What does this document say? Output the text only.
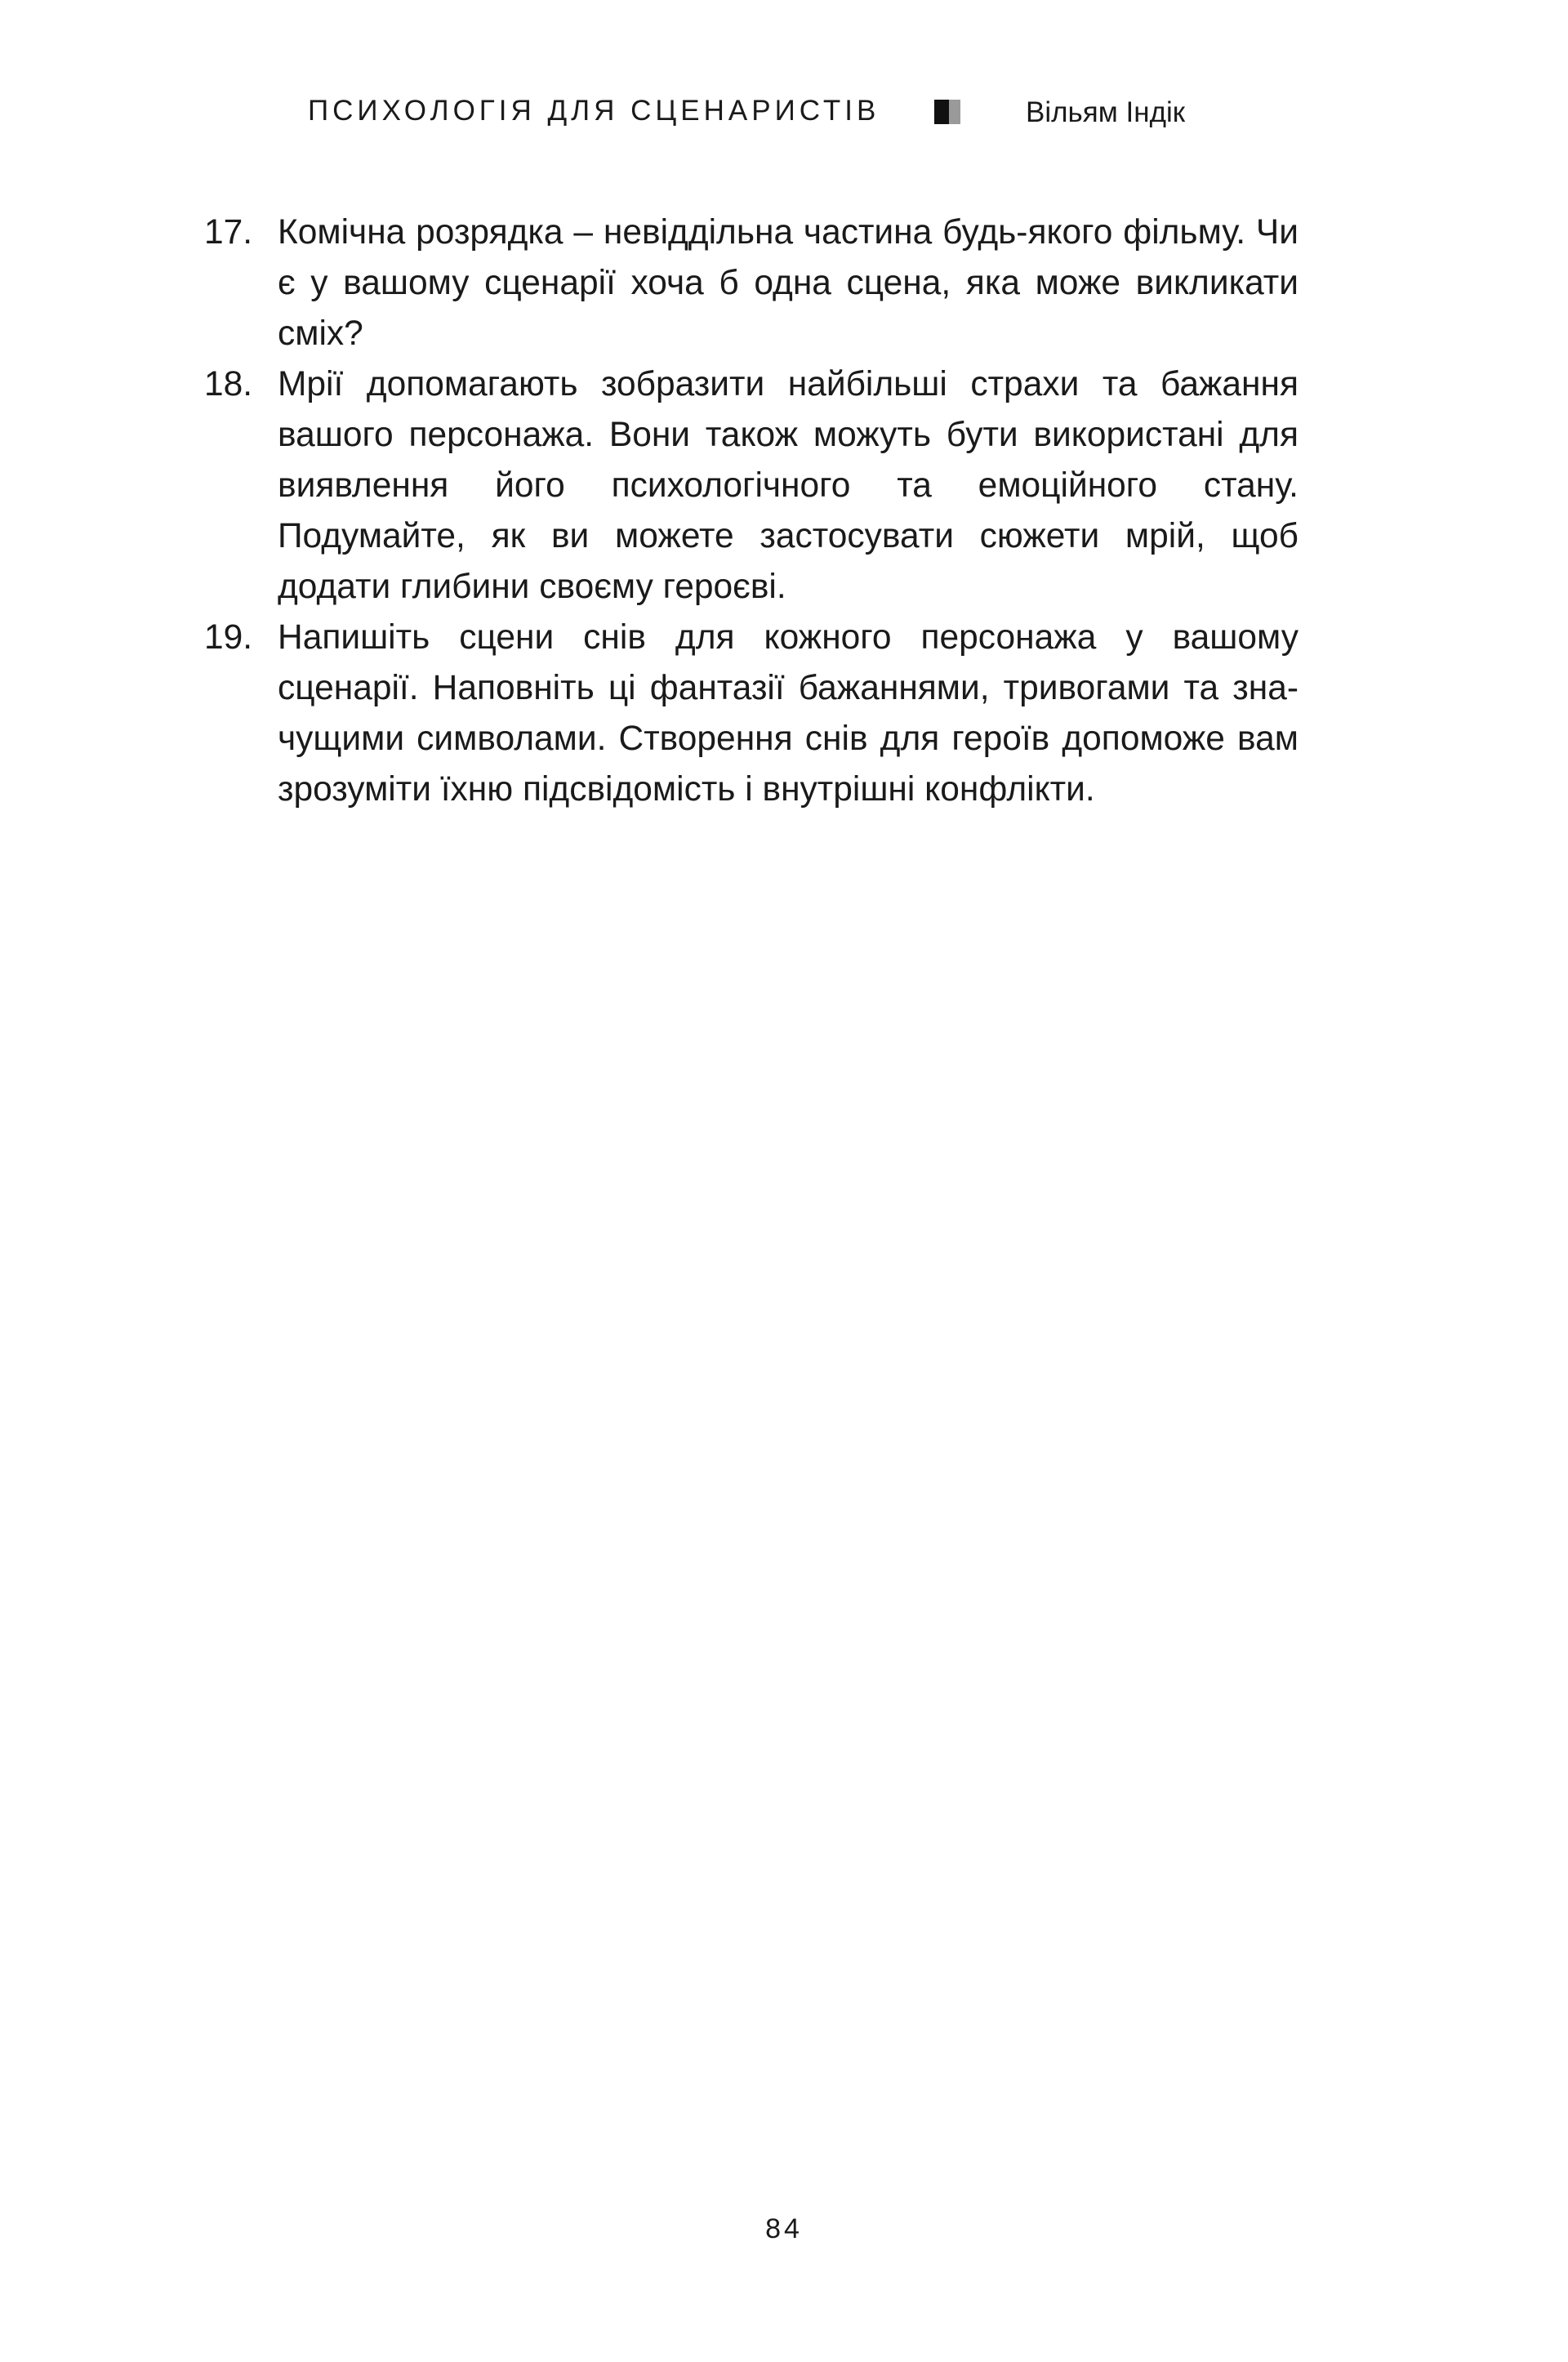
ПСИХОЛОГІЯ ДЛЯ СЦЕНАРИСТІВ	Вільям Індік
17. Комічна розрядка – невіддільна частина будь-якого фільму. Чи є у вашому сценарії хоча б одна сцена, яка може викликати сміх?
18. Мрії допомагають зобразити найбільші страхи та бажання вашого персонажа. Вони також можуть бути використані для виявлення його психологічного та емоційного стану. Подумайте, як ви можете застосувати сюжети мрій, щоб додати глибини своєму героєві.
19. Напишіть сцени снів для кожного персонажа у вашому сценарії. Наповніть ці фантазії бажаннями, тривогами та значущими символами. Створення снів для героїв допоможе вам зрозуміти їхню підсвідомість і внутрішні конфлікти.
84
